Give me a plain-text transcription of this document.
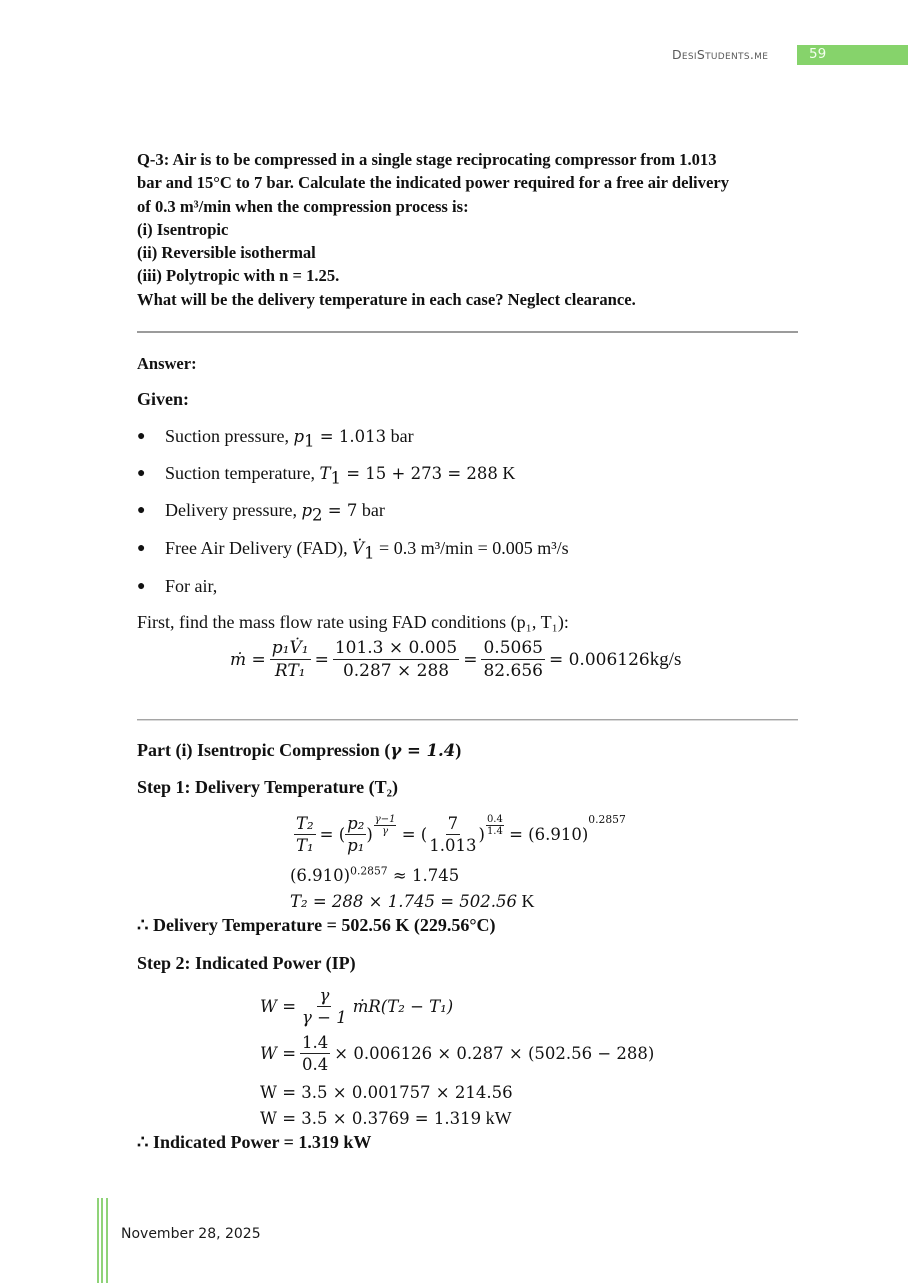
DesiStudents.me	59
Q-3: Air is to be compressed in a single stage reciprocating compressor from 1.013
bar and 15°C to 7 bar. Calculate the indicated power required for a free air delivery
of 0.3 m³/min when the compression process is:
(i) Isentropic
(ii) Reversible isothermal
(iii) Polytropic with n = 1.25.
What will be the delivery temperature in each case? Neglect clearance.
Answer:
Given:
● Suction pressure, $p_1 = 1.013$ bar
● Suction temperature, $T_1 = 15 + 273 = 288$ K
● Delivery pressure, $p_2 = 7$ bar
● Free Air Delivery (FAD), $V̇_1 = 0.3$ m³/min = 0.005 m³/s
● For air,
First, find the mass flow rate using FAD conditions (p₁, T₁):
ṁ = $\frac{\text{p₁V̇₁}}{\text{RT₁}} = \frac{101.3 \times 0.005}{0.287 \times 288} = \frac{0.5065}{82.656} = 0.006126$ kg/s
Part (i) Isentropic Compression (γ = 1.4)
Step 1: Delivery Temperature (T₂)
$\frac{\text{T₂}}{\text{T₁}}$ = ( $\frac{\text{p₂}}{\text{p₁}}$ ) $\frac{\gamma-1}{\gamma}$ = ( $\frac{7}{1.013}$ ) $\frac{0.4}{1.4}$
= (6.910)
0.2857
$(6.910)^{0.2857} \approx 1.745$
T₂ = 288 × 1.745 = 502.56 K
∴ Delivery Temperature = 502.56 K (229.56°C)
Step 2: Indicated Power (IP)
$W = \frac{\gamma}{\gamma - 1}$ ṁR(T₂ − T₁)
$W = \frac{1.4}{0.4} \times 0.006126 \times 0.287 \times (502.56 - 288)$
W = 3.5 × 0.001757 × 214.56
W = 3.5 × 0.3769 = 1.319 kW
∴ Indicated Power = 1.319 kW
November 28, 2025
